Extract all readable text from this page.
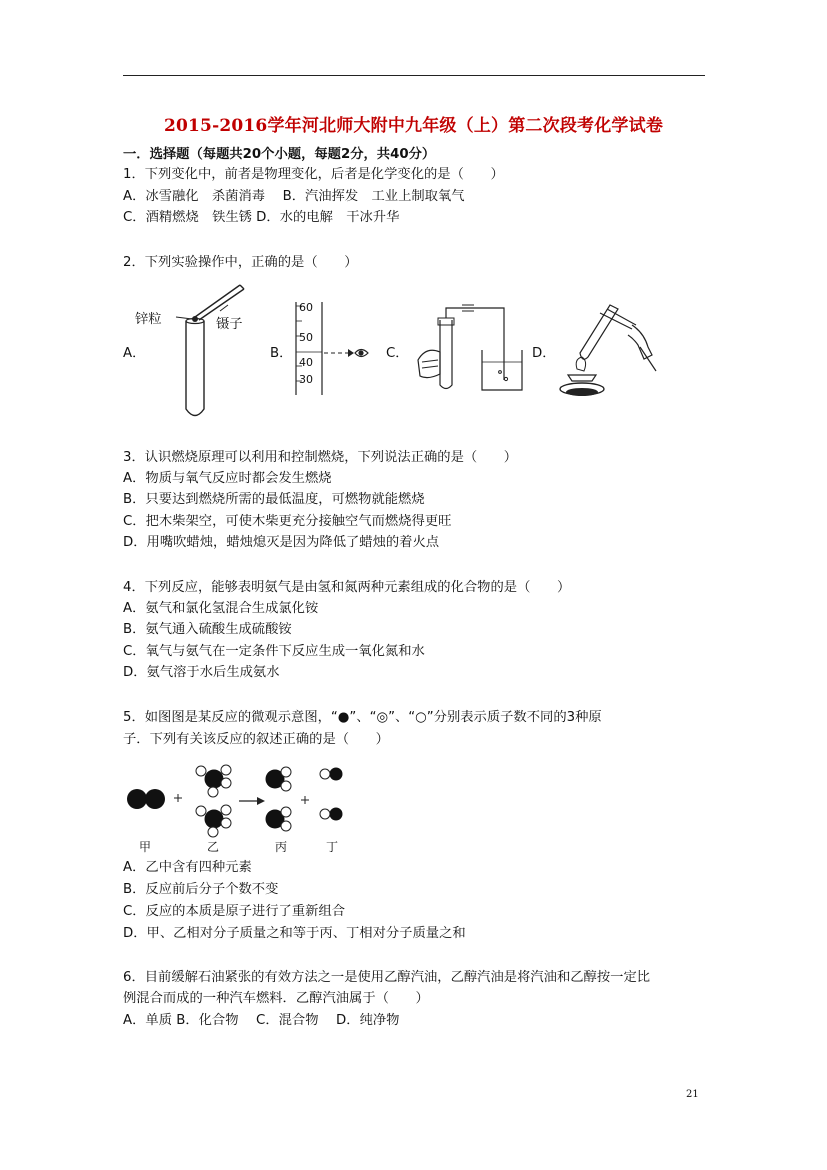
2015-2016学年河北师大附中九年级（上）第二次段考化学试卷
一．选择题（每题共20个小题，每题2分，共40分）
1．下列变化中，前者是物理变化，后者是化学变化的是（　　）
A．冰雪融化　杀菌消毒　 B．汽油挥发　工业上制取氧气
C．酒精燃烧　铁生锈 D．水的电解　干冰升华
2．下列实验操作中，正确的是（　　）
A．
锌粒	镊子
B．
60
50
40
30
C．	D．
3．认识燃烧原理可以利用和控制燃烧，下列说法正确的是（　　）
A．物质与氧气反应时都会发生燃烧
B．只要达到燃烧所需的最低温度，可燃物就能燃烧
C．把木柴架空，可使木柴更充分接触空气而燃烧得更旺
D．用嘴吹蜡烛，蜡烛熄灭是因为降低了蜡烛的着火点
4．下列反应，能够表明氨气是由氢和氮两种元素组成的化合物的是（　　）
A．氨气和氯化氢混合生成氯化铵
B．氨气通入硫酸生成硫酸铵
C．氧气与氨气在一定条件下反应生成一氧化氮和水
D．氨气溶于水后生成氨水
5．如图图是某反应的微观示意图，“●”、“◎”、“○”分别表示质子数不同的3种原
子．下列有关该反应的叙述正确的是（　　）
甲	乙	丙	丁
A．乙中含有四种元素
B．反应前后分子个数不变
C．反应的本质是原子进行了重新组合
D．甲、乙相对分子质量之和等于丙、丁相对分子质量之和
6．目前缓解石油紧张的有效方法之一是使用乙醇汽油，乙醇汽油是将汽油和乙醇按一定比
例混合而成的一种汽车燃料．乙醇汽油属于（　　）
A．单质 B．化合物　 C．混合物　 D．纯净物
21
